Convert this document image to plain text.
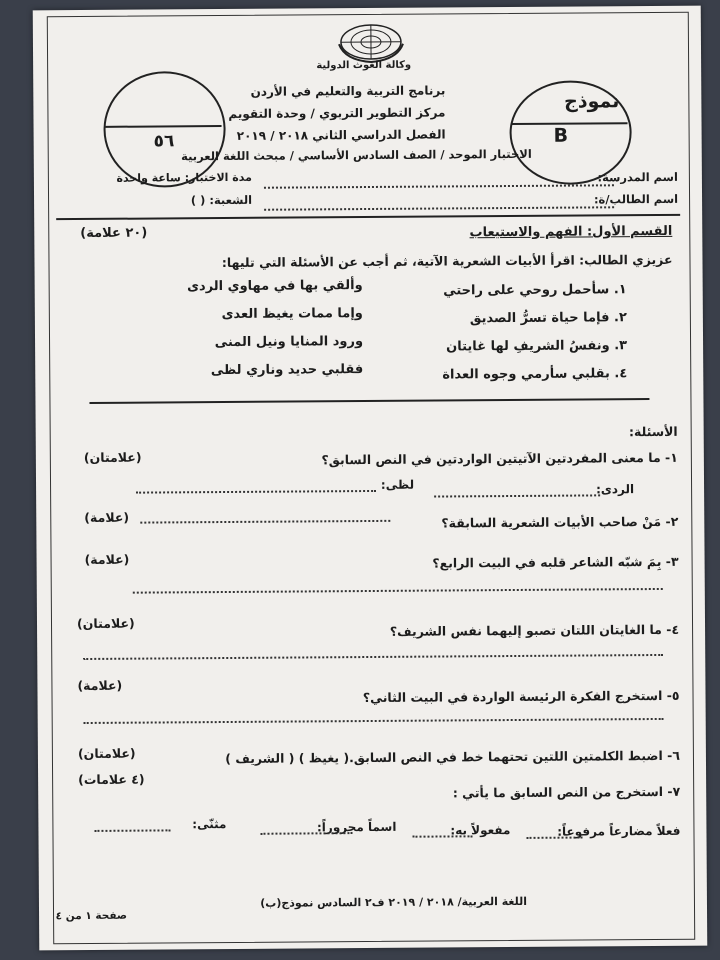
وكالة الغوث الدولية
٥٦
نموذج
B
برنامج التربية والتعليم في الأردن
مركز التطوير التربوي / وحدة التقويم
الفصل الدراسي الثاني ٢٠١٨ / ٢٠١٩
الاختبار الموحد / الصف السادس الأساسي / مبحث اللغة العربية
اسم المدرسة:
مدة الاختبار: ساعة واحدة
اسم الطالب/ة:
الشعبة: ( )
القسم الأول: الفهم والاستيعاب
(٢٠ علامة)
عزيزي الطالب: اقرأ الأبيات الشعرية الآتية، ثم أجب عن الأسئلة التي تليها:
١. سأحمل روحي على راحتي
وألقي بها في مهاوي الردى
٢. فإما حياة تسرُّ الصديق
وإما ممات يغيظ العدى
٣. ونفسُ الشريفِ لها غايتان
ورود المنايا ونيل المنى
٤. بقلبي سأرمي وجوه العداة
فقلبي حديد وناري لظى
الأسئلة:
١- ما معنى المفردتين الآتيتين الواردتين في النص السابق؟
(علامتان)
الردى:
لظى:
٢- مَنْ صاحب الأبيات الشعرية السابقة؟
(علامة)
٣- بِمَ شبّه الشاعر قلبه في البيت الرابع؟
(علامة)
٤- ما الغايتان اللتان تصبو إليهما نفس الشريف؟
(علامتان)
٥- استخرج الفكرة الرئيسة الواردة في البيت الثاني؟
(علامة)
٦- اضبط الكلمتين اللتين تحتهما خط في النص السابق.( يغيظ ) ( الشريف )
(علامتان)
٧- استخرج من النص السابق ما يأتي :
(٤ علامات)
فعلاً مضارعاً مرفوعاً:
مفعولاً به:
اسماً مجروراً:
مثنّى:
اللغة العربية/ ٢٠١٨ / ٢٠١٩ ف٢ السادس نموذج(ب)
صفحة ١ من ٤
